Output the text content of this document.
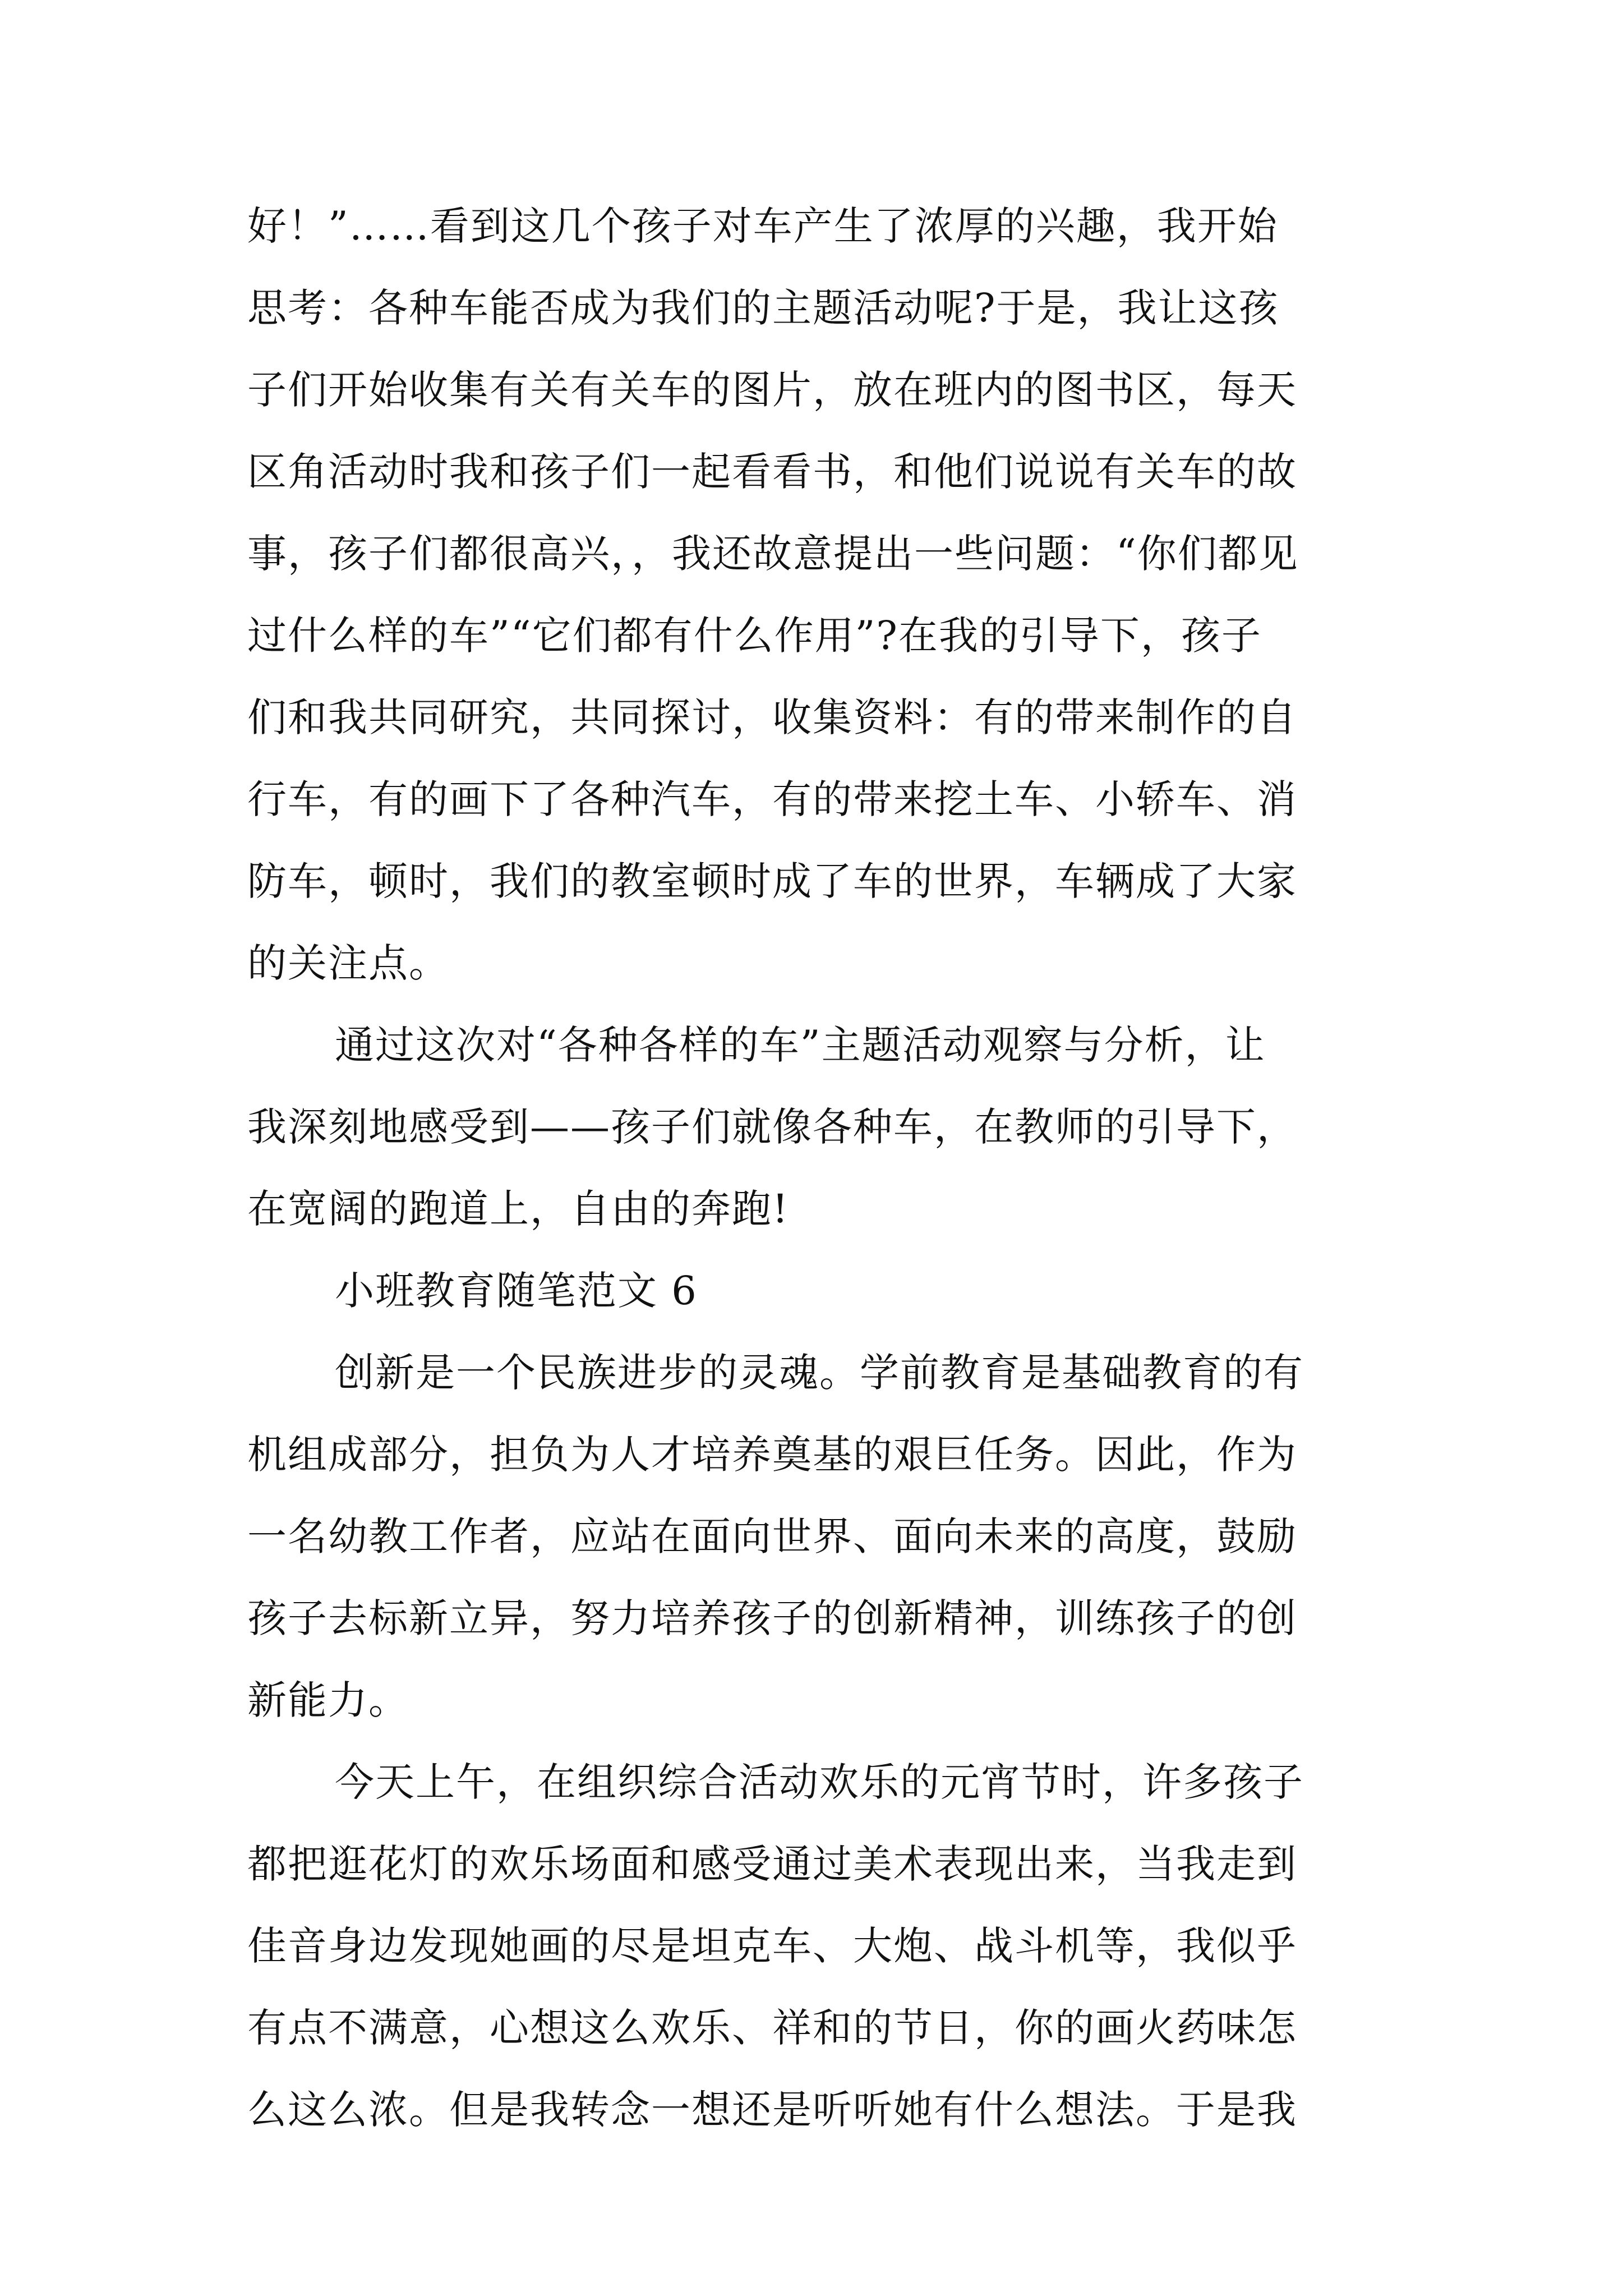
好！”……看到这几个孩子对车产生了浓厚的兴趣，我开始
思考：各种车能否成为我们的主题活动呢?于是，我让这孩
子们开始收集有关有关车的图片，放在班内的图书区，每天
区角活动时我和孩子们一起看看书，和他们说说有关车的故
事，孩子们都很高兴，，我还故意提出一些问题：“你们都见
过什么样的车”“它们都有什么作用”?在我的引导下，孩子
们和我共同研究，共同探讨，收集资料：有的带来制作的自
行车，有的画下了各种汽车，有的带来挖土车、小轿车、消
防车，顿时，我们的教室顿时成了车的世界，车辆成了大家
的关注点。
通过这次对“各种各样的车”主题活动观察与分析，让
我深刻地感受到——孩子们就像各种车，在教师的引导下，
在宽阔的跑道上，自由的奔跑!
小班教育随笔范文 6
创新是一个民族进步的灵魂。学前教育是基础教育的有
机组成部分，担负为人才培养奠基的艰巨任务。因此，作为
一名幼教工作者，应站在面向世界、面向未来的高度，鼓励
孩子去标新立异，努力培养孩子的创新精神，训练孩子的创
新能力。
今天上午，在组织综合活动欢乐的元宵节时，许多孩子
都把逛花灯的欢乐场面和感受通过美术表现出来，当我走到
佳音身边发现她画的尽是坦克车、大炮、战斗机等，我似乎
有点不满意，心想这么欢乐、祥和的节日，你的画火药味怎
么这么浓。但是我转念一想还是听听她有什么想法。于是我
